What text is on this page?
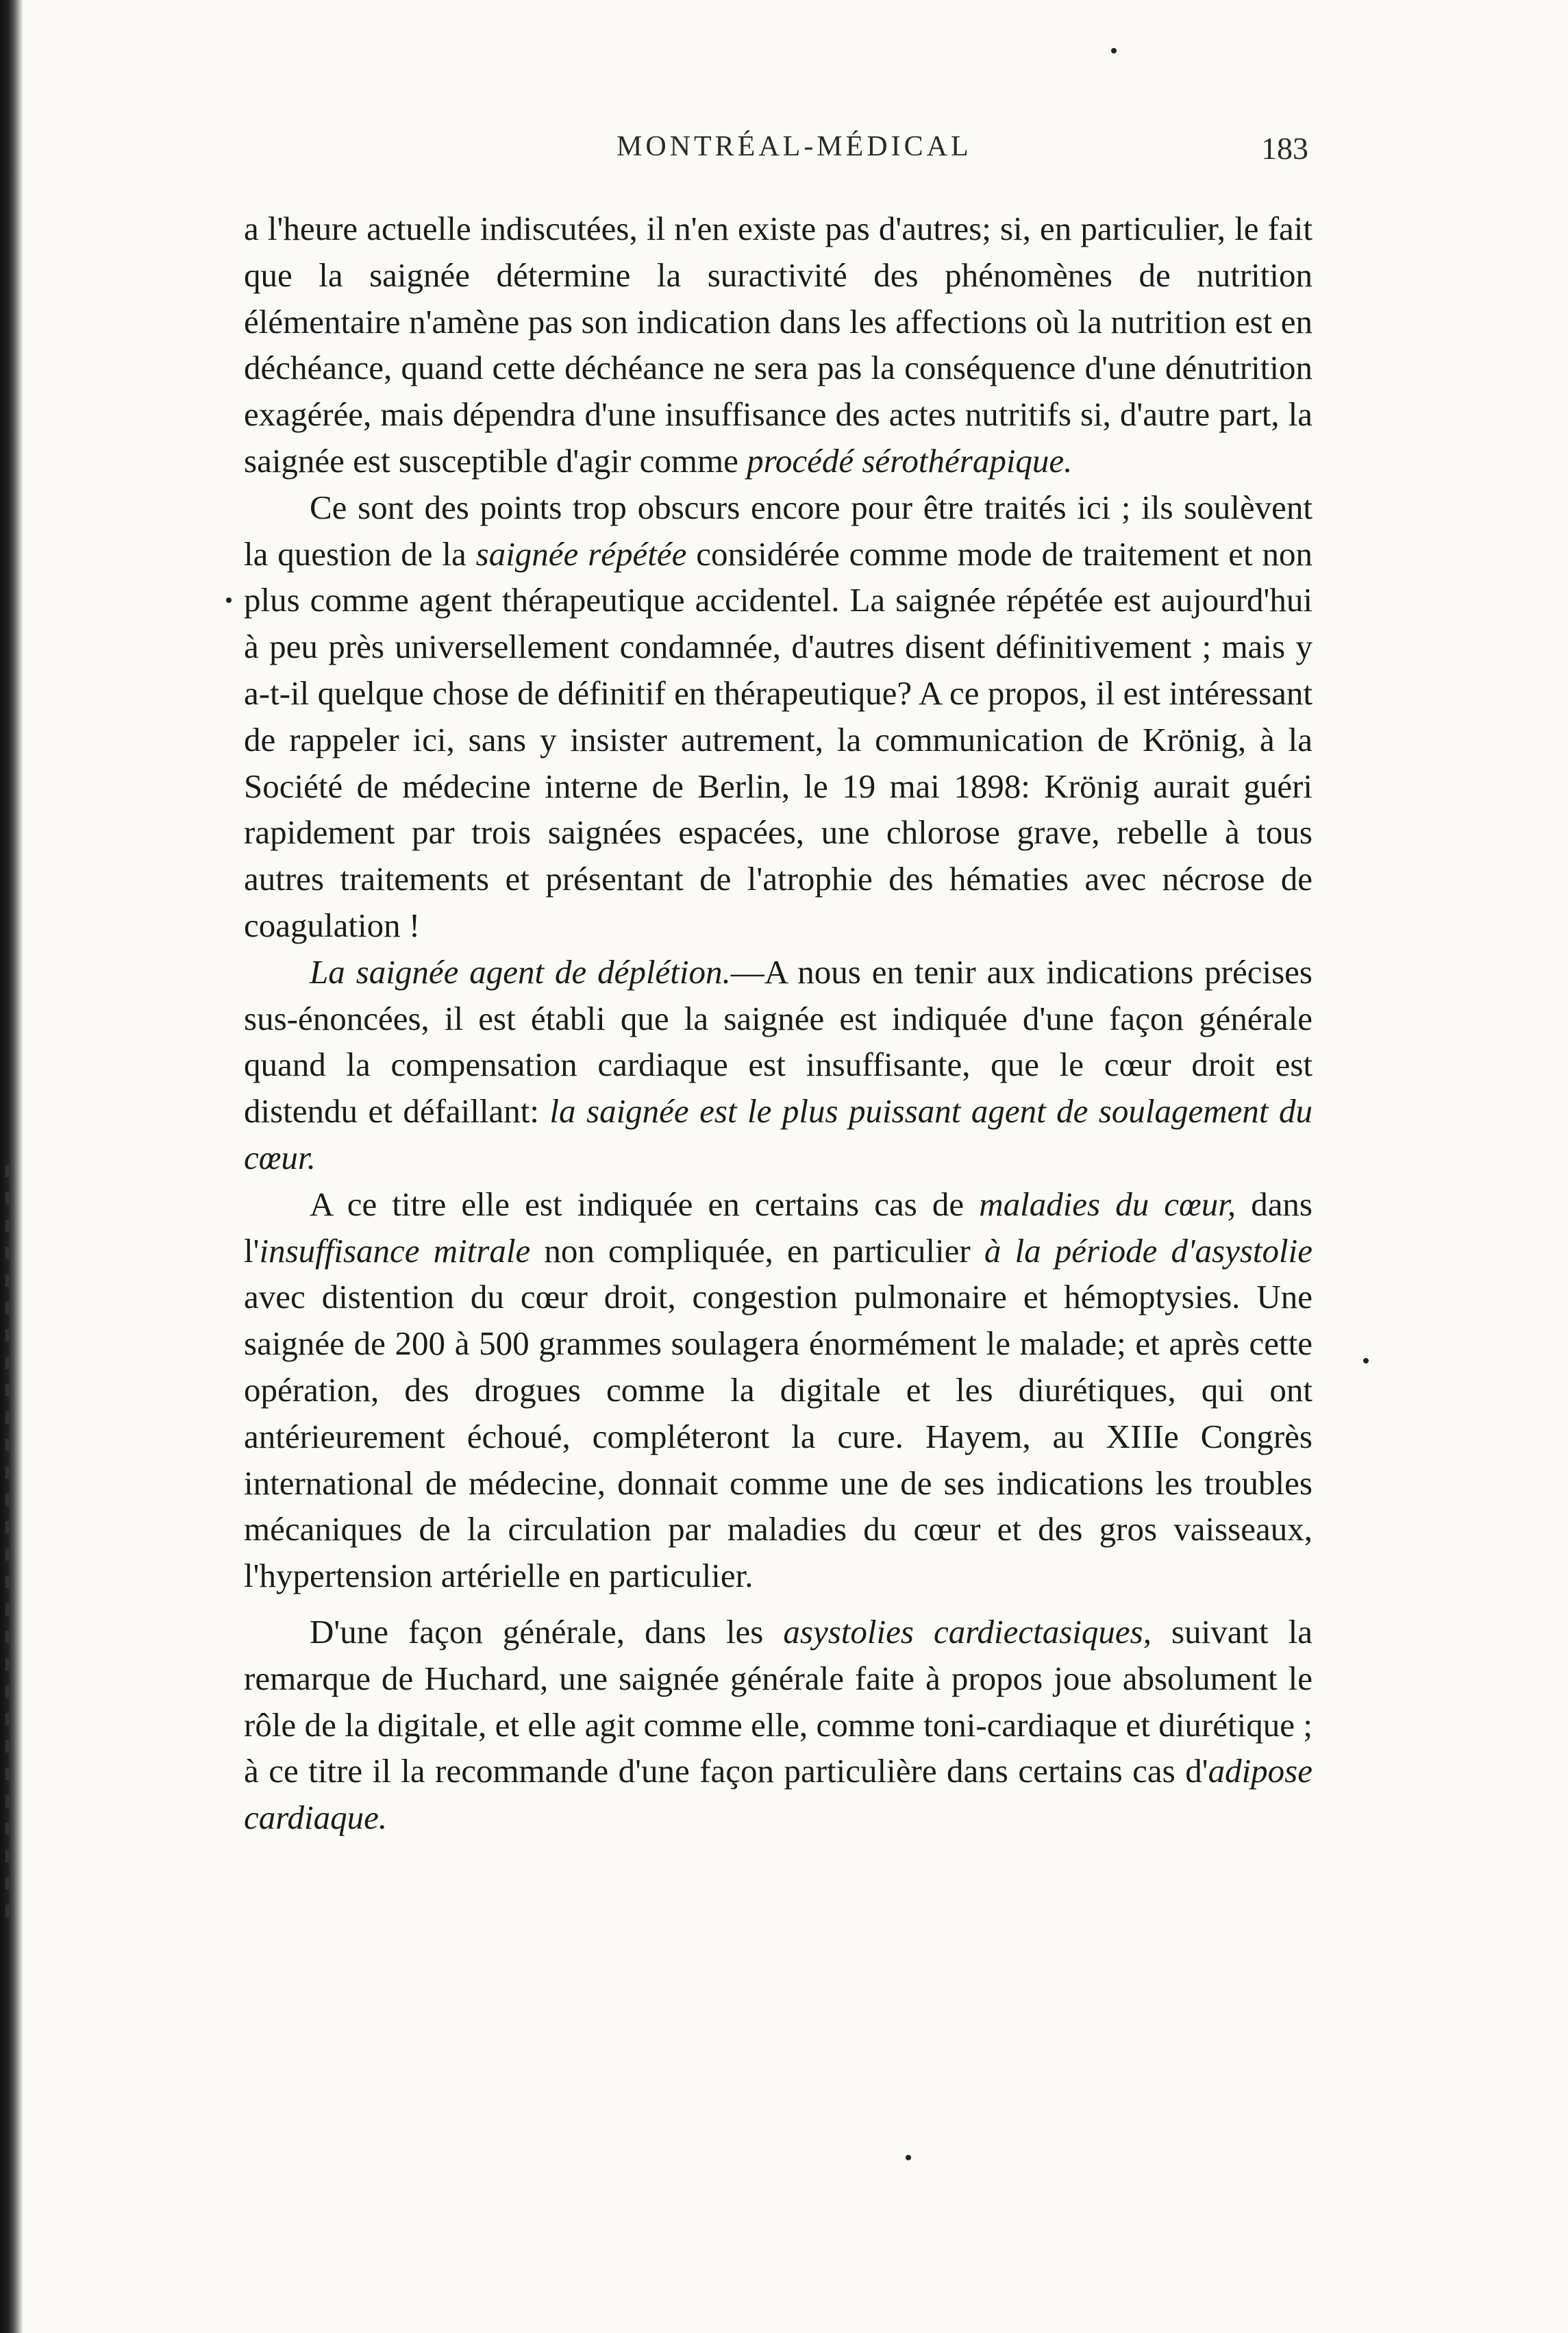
MONTRÉAL-MÉDICAL	183

a l'heure actuelle indiscutées, il n'en existe pas d'autres; si, en particulier, le fait que la saignée détermine la suractivité des phénomènes de nutrition élémentaire n'amène pas son indication dans les affections où la nutrition est en déchéance, quand cette déchéance ne sera pas la conséquence d'une dénutrition exagérée, mais dépendra d'une insuffisance des actes nutritifs si, d'autre part, la saignée est susceptible d'agir comme procédé sérothérapique.

Ce sont des points trop obscurs encore pour être traités ici ; ils soulèvent la question de la saignée répétée considérée comme mode de traitement et non plus comme agent thérapeutique accidentel. La saignée répétée est aujourd'hui à peu près universellement condamnée, d'autres disent définitivement ; mais y a-t-il quelque chose de définitif en thérapeutique? A ce propos, il est intéressant de rappeler ici, sans y insister autrement, la communication de Krönig, à la Société de médecine interne de Berlin, le 19 mai 1898: Krönig aurait guéri rapidement par trois saignées espacées, une chlorose grave, rebelle à tous autres traitements et présentant de l'atrophie des hématies avec nécrose de coagulation !

La saignée agent de déplétion.—A nous en tenir aux indications précises sus-énoncées, il est établi que la saignée est indiquée d'une façon générale quand la compensation cardiaque est insuffisante, que le cœur droit est distendu et défaillant: la saignée est le plus puissant agent de soulagement du cœur.

A ce titre elle est indiquée en certains cas de maladies du cœur, dans l'insuffisance mitrale non compliquée, en particulier à la période d'asystolie avec distention du cœur droit, congestion pulmonaire et hémoptysies. Une saignée de 200 à 500 grammes soulagera énormément le malade; et après cette opération, des drogues comme la digitale et les diurétiques, qui ont antérieurement échoué, compléteront la cure. Hayem, au XIIIe Congrès international de médecine, donnait comme une de ses indications les troubles mécaniques de la circulation par maladies du cœur et des gros vaisseaux, l'hypertension artérielle en particulier.

D'une façon générale, dans les asystolies cardiectasiques, suivant la remarque de Huchard, une saignée générale faite à propos joue absolument le rôle de la digitale, et elle agit comme elle, comme toni-cardiaque et diurétique ; à ce titre il la recommande d'une façon particulière dans certains cas d'adipose cardiaque.
